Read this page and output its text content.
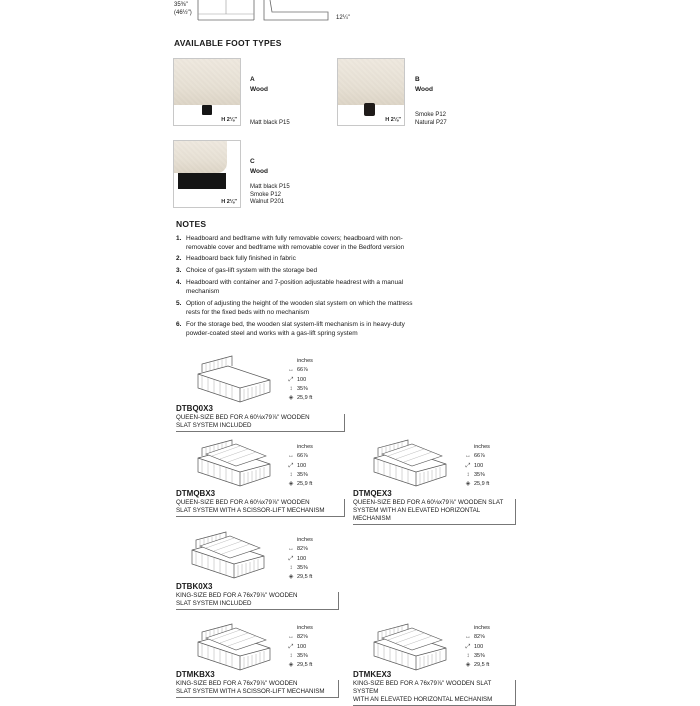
35⅜"
(46½")
12¼"
AVAILABLE FOOT TYPES
H 2⅛"
A
Wood
Matt black P15	H 2⅛"
B
Wood
Smoke P12
Natural P27
H 2⅛"
C
Wood
Matt black P15
Smoke P12
Walnut P201
NOTES
1. Headboard and bedframe with fully removable covers; headboard with non-
removable cover and bedframe with removable cover in the Bedford version
2. Headboard back fully finished in fabric
3. Choice of gas-lift system with the storage bed
4. Headboard with container and 7-position adjustable headrest with a manual
mechanism
5. Option of adjusting the height of the wooden slat system on which the mattress
rests for the fixed beds with no mechanism
6. For the storage bed, the wooden slat system-lift mechanism is in heavy-duty
powder-coated steel and works with a gas-lift spring system
inches
↔ 66⅞
⤢ 100
↕ 35⅜
◈ 25,9 ft
DTBQ0X3
QUEEN-SIZE BED FOR A 60⅛x79⅞" WOODEN
SLAT SYSTEM INCLUDED
inches
↔ 66⅞
⤢ 100
↕ 35⅜
◈ 25,9 ft
DTMQBX3
QUEEN-SIZE BED FOR A 60⅛x79⅞" WOODEN
SLAT SYSTEM WITH A SCISSOR-LIFT MECHANISM
inches
↔ 66⅞
⤢ 100
↕ 35⅜
◈ 25,9 ft
DTMQEX3
QUEEN-SIZE BED FOR A 60⅛x79⅞" WOODEN SLAT
SYSTEM WITH AN ELEVATED HORIZONTAL MECHANISM
inches
↔ 82⅝
⤢ 100
↕ 35⅜
◈ 29,5 ft
DTBK0X3
KING-SIZE BED FOR A 76x79⅞" WOODEN
SLAT SYSTEM INCLUDED
inches
↔ 82⅝
⤢ 100
↕ 35⅜
◈ 29,5 ft
DTMKBX3
KING-SIZE BED FOR A 76x79⅞" WOODEN
SLAT SYSTEM WITH A SCISSOR-LIFT MECHANISM
inches
↔ 82⅝
⤢ 100
↕ 35⅜
◈ 29,5 ft
DTMKEX3
KING-SIZE BED FOR A 76x79⅞" WOODEN SLAT SYSTEM
WITH AN ELEVATED HORIZONTAL MECHANISM
